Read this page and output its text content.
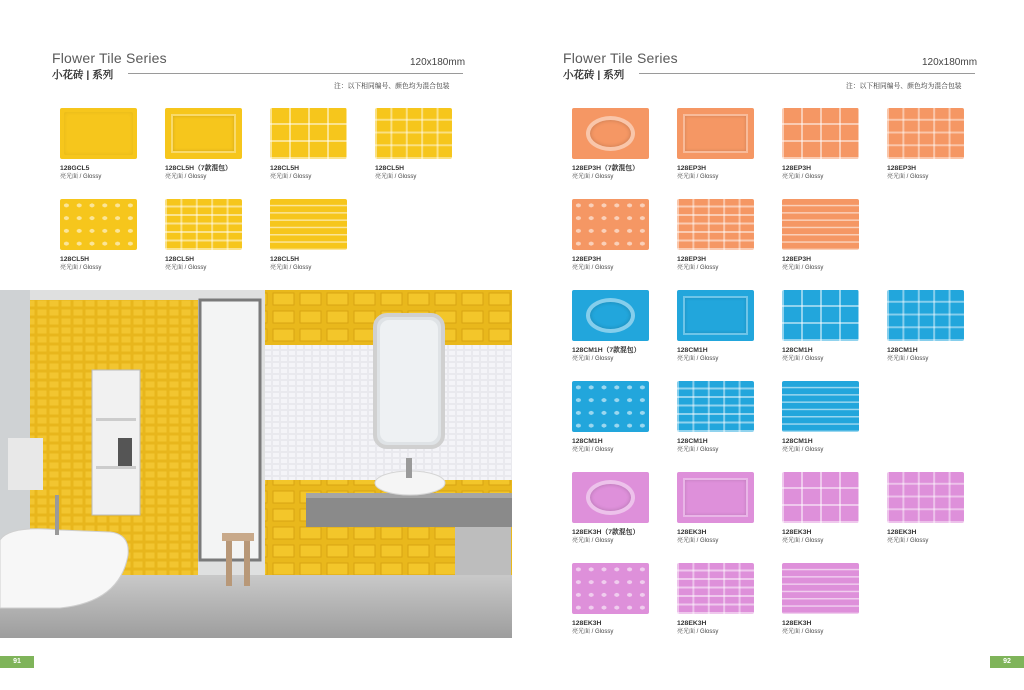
Flower Tile Series
小花砖 | 系列
120x180mm
注：以下相同编号、颜色均为混合包装
128GCL5
亮光面 / Glossy
128CL5H（7款混包）
亮光面 / Glossy
128CL5H
亮光面 / Glossy
128CL5H
亮光面 / Glossy
128CL5H
亮光面 / Glossy
128CL5H
亮光面 / Glossy
128CL5H
亮光面 / Glossy
91
Flower Tile Series
小花砖 | 系列
120x180mm
注：以下相同编号、颜色均为混合包装
128EP3H（7款混包）
亮光面 / Glossy
128EP3H
亮光面 / Glossy
128EP3H
亮光面 / Glossy
128EP3H
亮光面 / Glossy
128EP3H
亮光面 / Glossy
128EP3H
亮光面 / Glossy
128EP3H
亮光面 / Glossy
128CM1H（7款混包）
亮光面 / Glossy
128CM1H
亮光面 / Glossy
128CM1H
亮光面 / Glossy
128CM1H
亮光面 / Glossy
128CM1H
亮光面 / Glossy
128CM1H
亮光面 / Glossy
128CM1H
亮光面 / Glossy
128EK3H（7款混包）
亮光面 / Glossy
128EK3H
亮光面 / Glossy
128EK3H
亮光面 / Glossy
128EK3H
亮光面 / Glossy
128EK3H
亮光面 / Glossy
128EK3H
亮光面 / Glossy
128EK3H
亮光面 / Glossy
92
